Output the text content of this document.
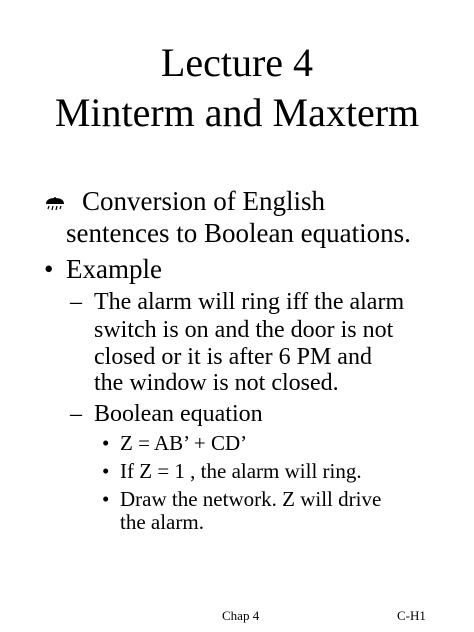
Lecture 4
Minterm and Maxterm
Conversion of English
sentences to Boolean equations.
• Example
– The alarm will ring iff the alarm
switch is on and the door is not
closed or it is after 6 PM and
the window is not closed.
– Boolean equation
• Z = AB’ + CD’
• If Z = 1 , the alarm will ring.
• Draw the network. Z will drive
the alarm.
Chap 4	C-H1
